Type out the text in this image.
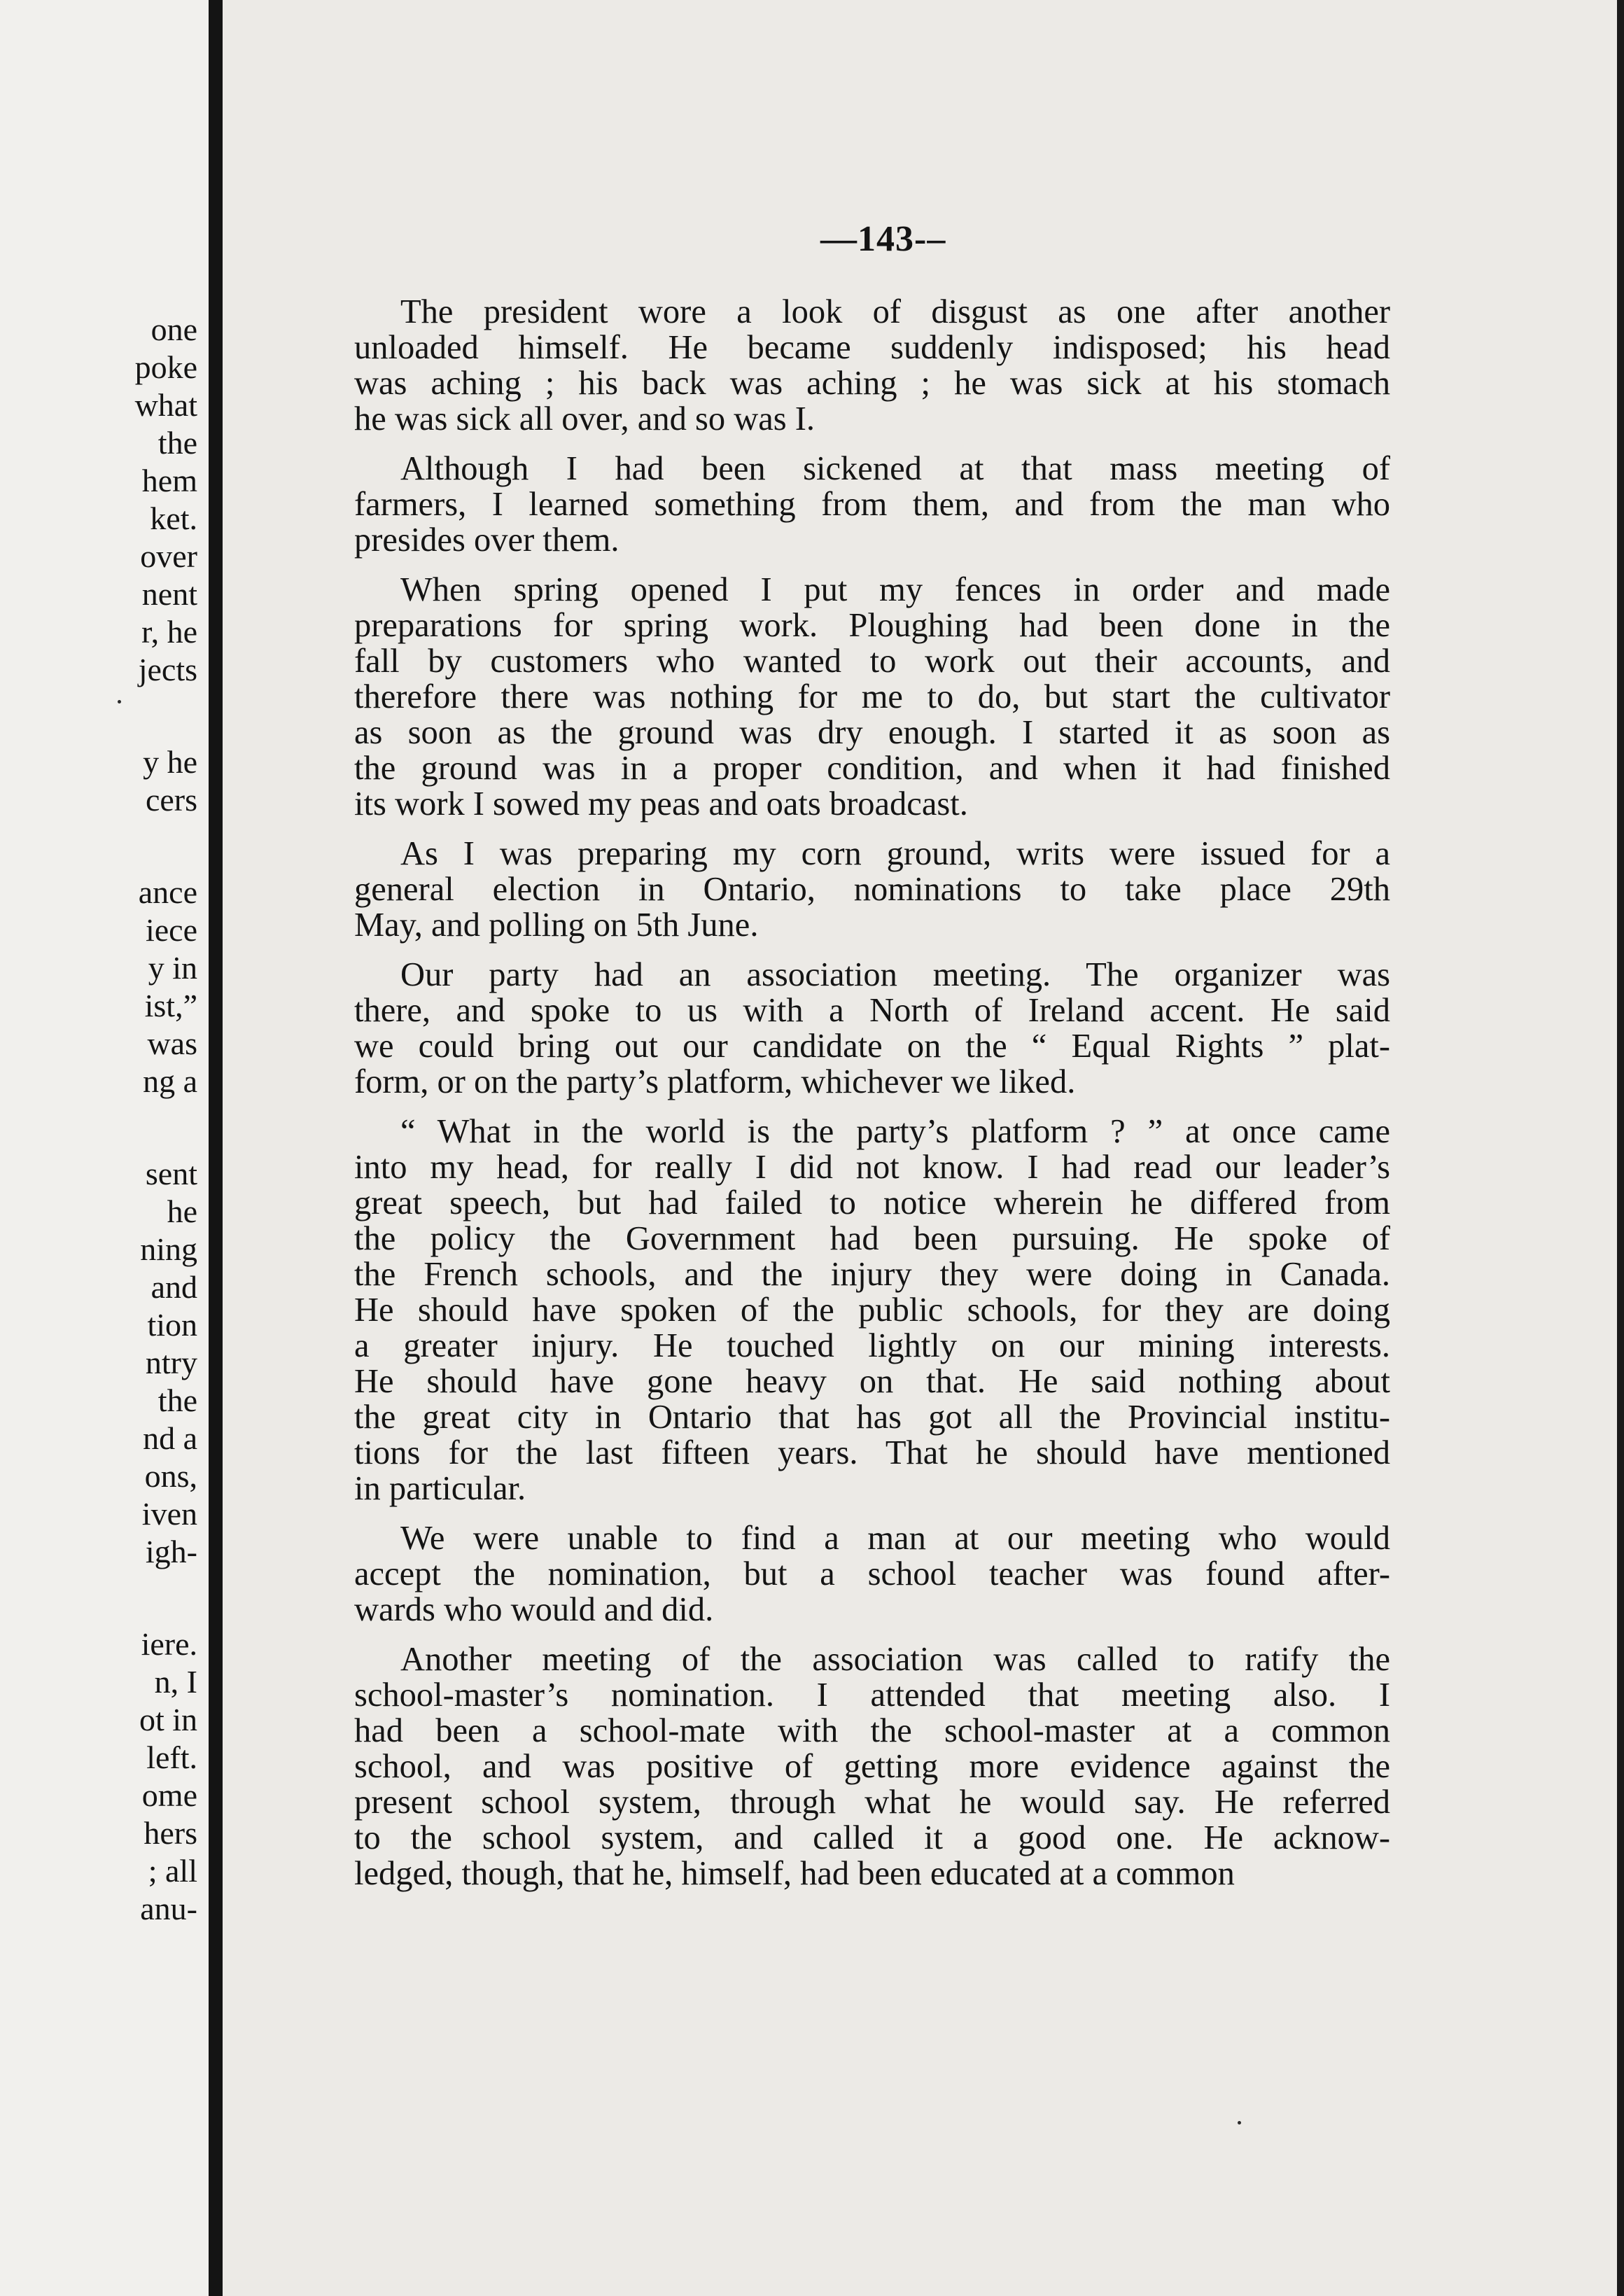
one
poke
what
the
hem
ket.
over
nent
r, he
jects
y he
cers
ance
iece
y in
ist,”
was
ng a
sent
he
ning
and
tion
ntry
the
nd a
ons,
iven
igh-
iere.
n, I
ot in
left.
ome
hers
; all
anu-
—143-–
The president wore a look of disgust as one after another
unloaded himself. He became suddenly indisposed; his head
was aching ; his back was aching ; he was sick at his stomach
he was sick all over, and so was I.
Although I had been sickened at that mass meeting of
farmers, I learned something from them, and from the man who
presides over them.
When spring opened I put my fences in order and made
preparations for spring work. Ploughing had been done in the
fall by customers who wanted to work out their accounts, and
therefore there was nothing for me to do, but start the cultivator
as soon as the ground was dry enough. I started it as soon as
the ground was in a proper condition, and when it had finished
its work I sowed my peas and oats broadcast.
As I was preparing my corn ground, writs were issued for a
general election in Ontario, nominations to take place 29th
May, and polling on 5th June.
Our party had an association meeting. The organizer was
there, and spoke to us with a North of Ireland accent. He said
we could bring out our candidate on the “ Equal Rights ” plat-
form, or on the party’s platform, whichever we liked.
“ What in the world is the party’s platform ? ” at once came
into my head, for really I did not know. I had read our leader’s
great speech, but had failed to notice wherein he differed from
the policy the Government had been pursuing. He spoke of
the French schools, and the injury they were doing in Canada.
He should have spoken of the public schools, for they are doing
a greater injury. He touched lightly on our mining interests.
He should have gone heavy on that. He said nothing about
the great city in Ontario that has got all the Provincial institu-
tions for the last fifteen years. That he should have mentioned
in particular.
We were unable to find a man at our meeting who would
accept the nomination, but a school teacher was found after-
wards who would and did.
Another meeting of the association was called to ratify the
school-master’s nomination. I attended that meeting also. I
had been a school-mate with the school-master at a common
school, and was positive of getting more evidence against the
present school system, through what he would say. He referred
to the school system, and called it a good one. He acknow-
ledged, though, that he, himself, had been educated at a common
